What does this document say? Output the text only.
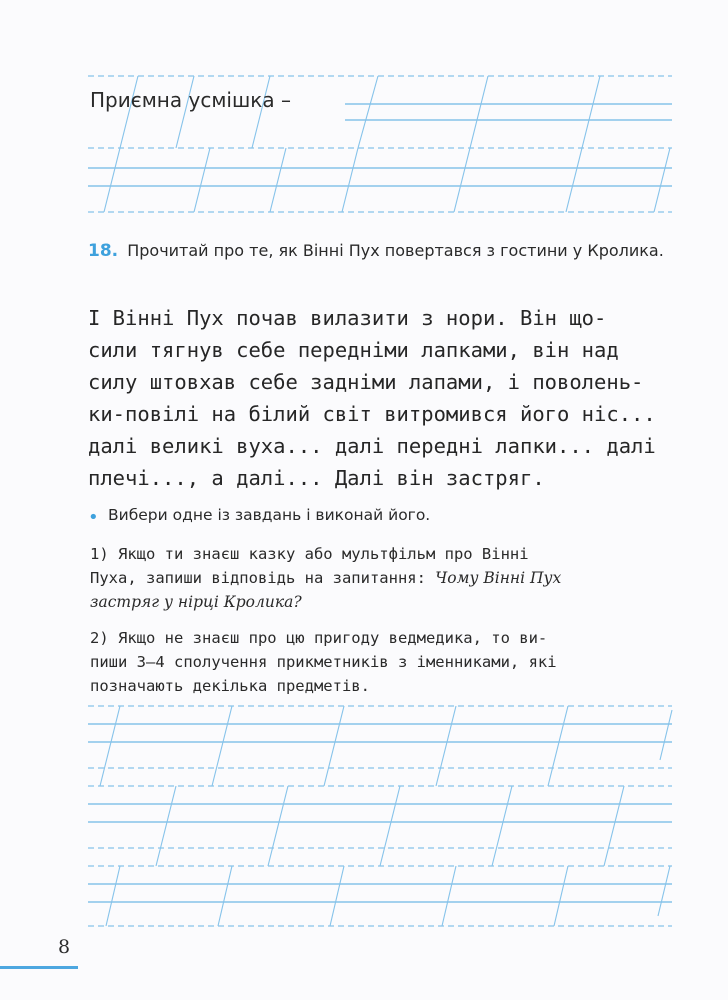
Приємна усмішка –
18. Прочитай про те, як Вінні Пух повертався з гостини у Кролика.
І Вінні Пух почав вилазити з нори. Він що-
сили тягнув себе передніми лапками, він над
силу штовхав себе задніми лапами, і поволень-
ки-повілі на білий світ витромився його ніс...
далі великі вуха... далі передні лапки... далі
плечі..., а далі... Далі він застряг.
• Вибери одне із завдань і виконай його.
1) Якщо ти знаєш казку або мультфільм про Вінні
Пуха, запиши відповідь на запитання: Чому Вінні Пух
застряг у нірці Кролика?
2) Якщо не знаєш про цю пригоду ведмедика, то ви-
пиши 3–4 сполучення прикметників з іменниками, які
позначають декілька предметів.
8
